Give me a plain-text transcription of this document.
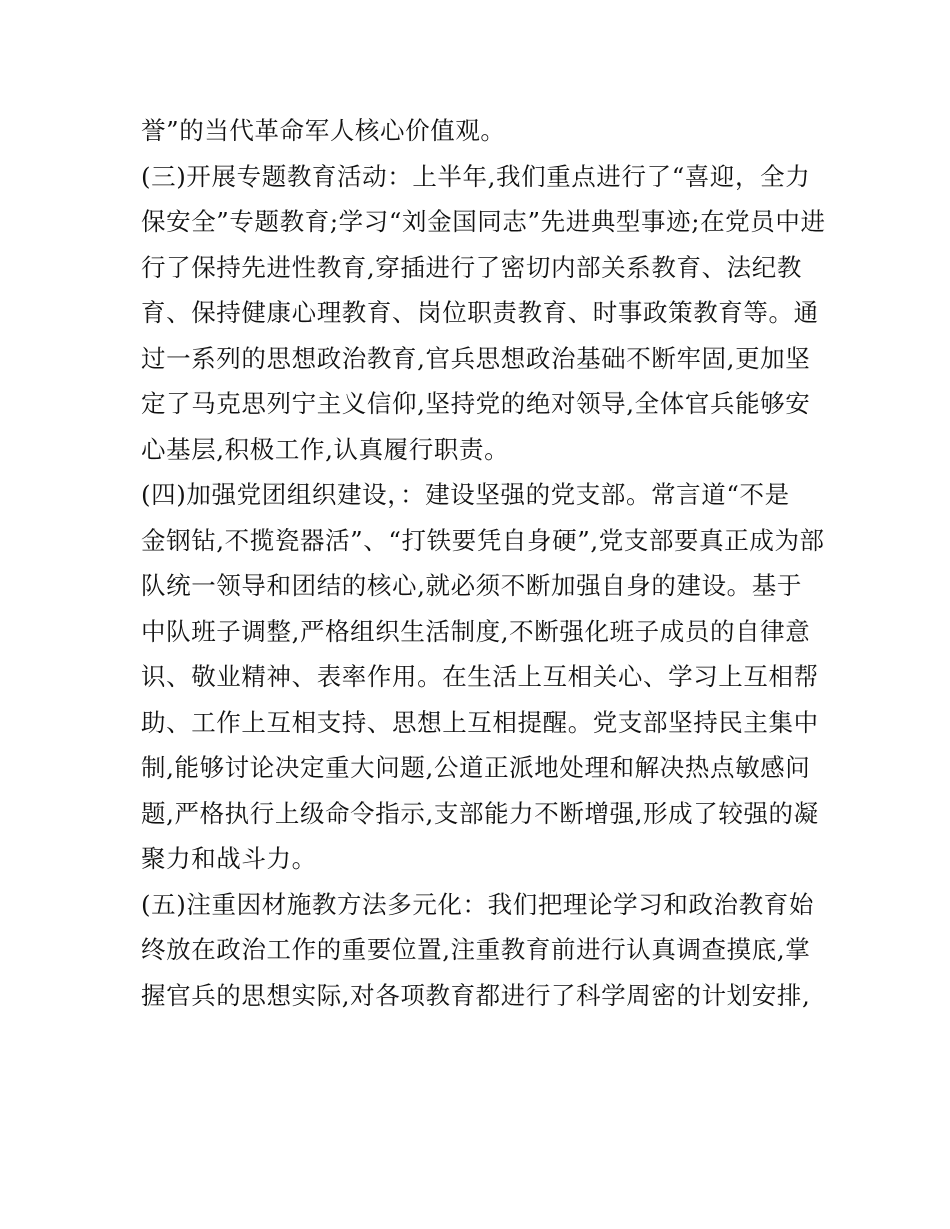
誉”的当代革命军人核心价值观。
(三)开展专题教育活动：上半年,我们重点进行了“喜迎，全力
保安全”专题教育;学习“刘金国同志”先进典型事迹;在党员中进
行了保持先进性教育,穿插进行了密切内部关系教育、法纪教
育、保持健康心理教育、岗位职责教育、时事政策教育等。通
过一系列的思想政治教育,官兵思想政治基础不断牢固,更加坚
定了马克思列宁主义信仰,坚持党的绝对领导,全体官兵能够安
心基层,积极工作,认真履行职责。
(四)加强党团组织建设，：建设坚强的党支部。常言道“不是
金钢钻,不揽瓷器活”、“打铁要凭自身硬”,党支部要真正成为部
队统一领导和团结的核心,就必须不断加强自身的建设。基于
中队班子调整,严格组织生活制度,不断强化班子成员的自律意
识、敬业精神、表率作用。在生活上互相关心、学习上互相帮
助、工作上互相支持、思想上互相提醒。党支部坚持民主集中
制,能够讨论决定重大问题,公道正派地处理和解决热点敏感问
题,严格执行上级命令指示,支部能力不断增强,形成了较强的凝
聚力和战斗力。
(五)注重因材施教方法多元化：我们把理论学习和政治教育始
终放在政治工作的重要位置,注重教育前进行认真调查摸底,掌
握官兵的思想实际,对各项教育都进行了科学周密的计划安排,
